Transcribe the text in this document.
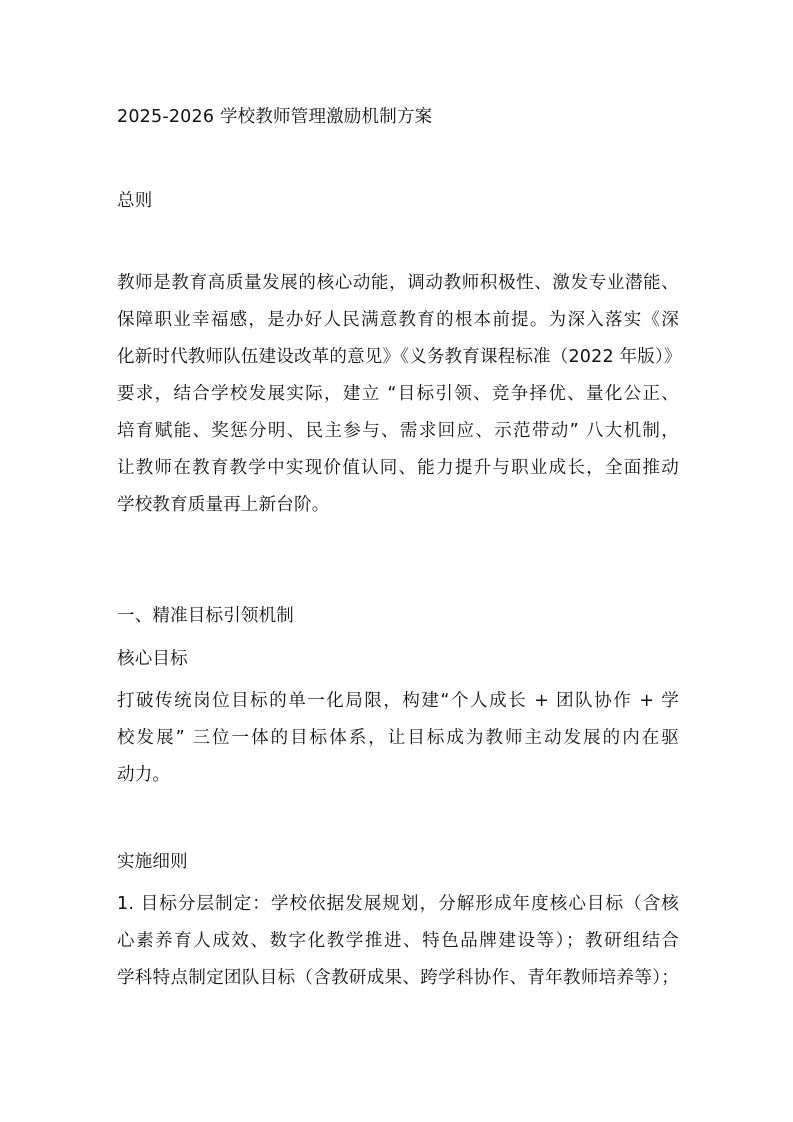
2025-2026 学校教师管理激励机制方案
总则
教师是教育高质量发展的核心动能，调动教师积极性、激发专业潜能、
保障职业幸福感，是办好人民满意教育的根本前提。为深入落实《深
化新时代教师队伍建设改革的意见》《义务教育课程标准（2022 年版）》
要求，结合学校发展实际，建立 “目标引领、竞争择优、量化公正、
培育赋能、奖惩分明、民主参与、需求回应、示范带动” 八大机制，
让教师在教育教学中实现价值认同、能力提升与职业成长，全面推动
学校教育质量再上新台阶。
一、精准目标引领机制
核心目标
打破传统岗位目标的单一化局限，构建“个人成长 + 团队协作 + 学
校发展” 三位一体的目标体系，让目标成为教师主动发展的内在驱
动力。
实施细则
1. 目标分层制定：学校依据发展规划，分解形成年度核心目标（含核
心素养育人成效、数字化教学推进、特色品牌建设等）；教研组结合
学科特点制定团队目标（含教研成果、跨学科协作、青年教师培养等）；
